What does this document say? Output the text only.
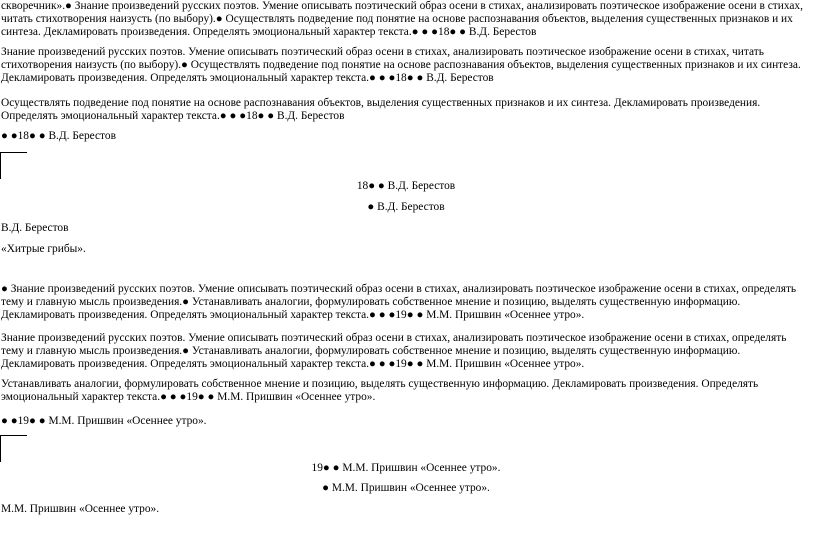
скворечник».● Знание произведений русских поэтов. Умение описывать поэтический образ осени в стихах, анализировать поэтическое изображение осени в стихах, читать стихотворения наизусть (по выбору).● Осуществлять подведение под понятие на основе распознавания объектов, выделения существенных признаков и их синтеза. Декламировать произведения. Определять эмоциональный характер текста.● ● ●18● ● В.Д. Берестов

Знание произведений русских поэтов. Умение описывать поэтический образ осени в стихах, анализировать поэтическое изображение осени в стихах, читать стихотворения наизусть (по выбору).● Осуществлять подведение под понятие на основе распознавания объектов, выделения существенных признаков и их синтеза. Декламировать произведения. Определять эмоциональный характер текста.● ● ●18● ● В.Д. Берестов

Осуществлять подведение под понятие на основе распознавания объектов, выделения существенных признаков и их синтеза. Декламировать произведения. Определять эмоциональный характер текста.● ● ●18● ● В.Д. Берестов

● ●18● ● В.Д. Берестов

18● ● В.Д. Берестов

● В.Д. Берестов

В.Д. Берестов

«Хитрые грибы».

● Знание произведений русских поэтов. Умение описывать поэтический образ осени в стихах, анализировать поэтическое изображение осени в стихах, определять тему и главную мысль произведения.● Устанавливать аналогии, формулировать собственное мнение и позицию, выделять существенную информацию. Декламировать произведения. Определять эмоциональный характер текста.● ● ●19● ● М.М. Пришвин «Осеннее утро».

Знание произведений русских поэтов. Умение описывать поэтический образ осени в стихах, анализировать поэтическое изображение осени в стихах, определять тему и главную мысль произведения.● Устанавливать аналогии, формулировать собственное мнение и позицию, выделять существенную информацию. Декламировать произведения. Определять эмоциональный характер текста.● ● ●19● ● М.М. Пришвин «Осеннее утро».

Устанавливать аналогии, формулировать собственное мнение и позицию, выделять существенную информацию. Декламировать произведения. Определять эмоциональный характер текста.● ● ●19● ● М.М. Пришвин «Осеннее утро».

● ●19● ● М.М. Пришвин «Осеннее утро».

19● ● М.М. Пришвин «Осеннее утро».

● М.М. Пришвин «Осеннее утро».

М.М. Пришвин «Осеннее утро».
